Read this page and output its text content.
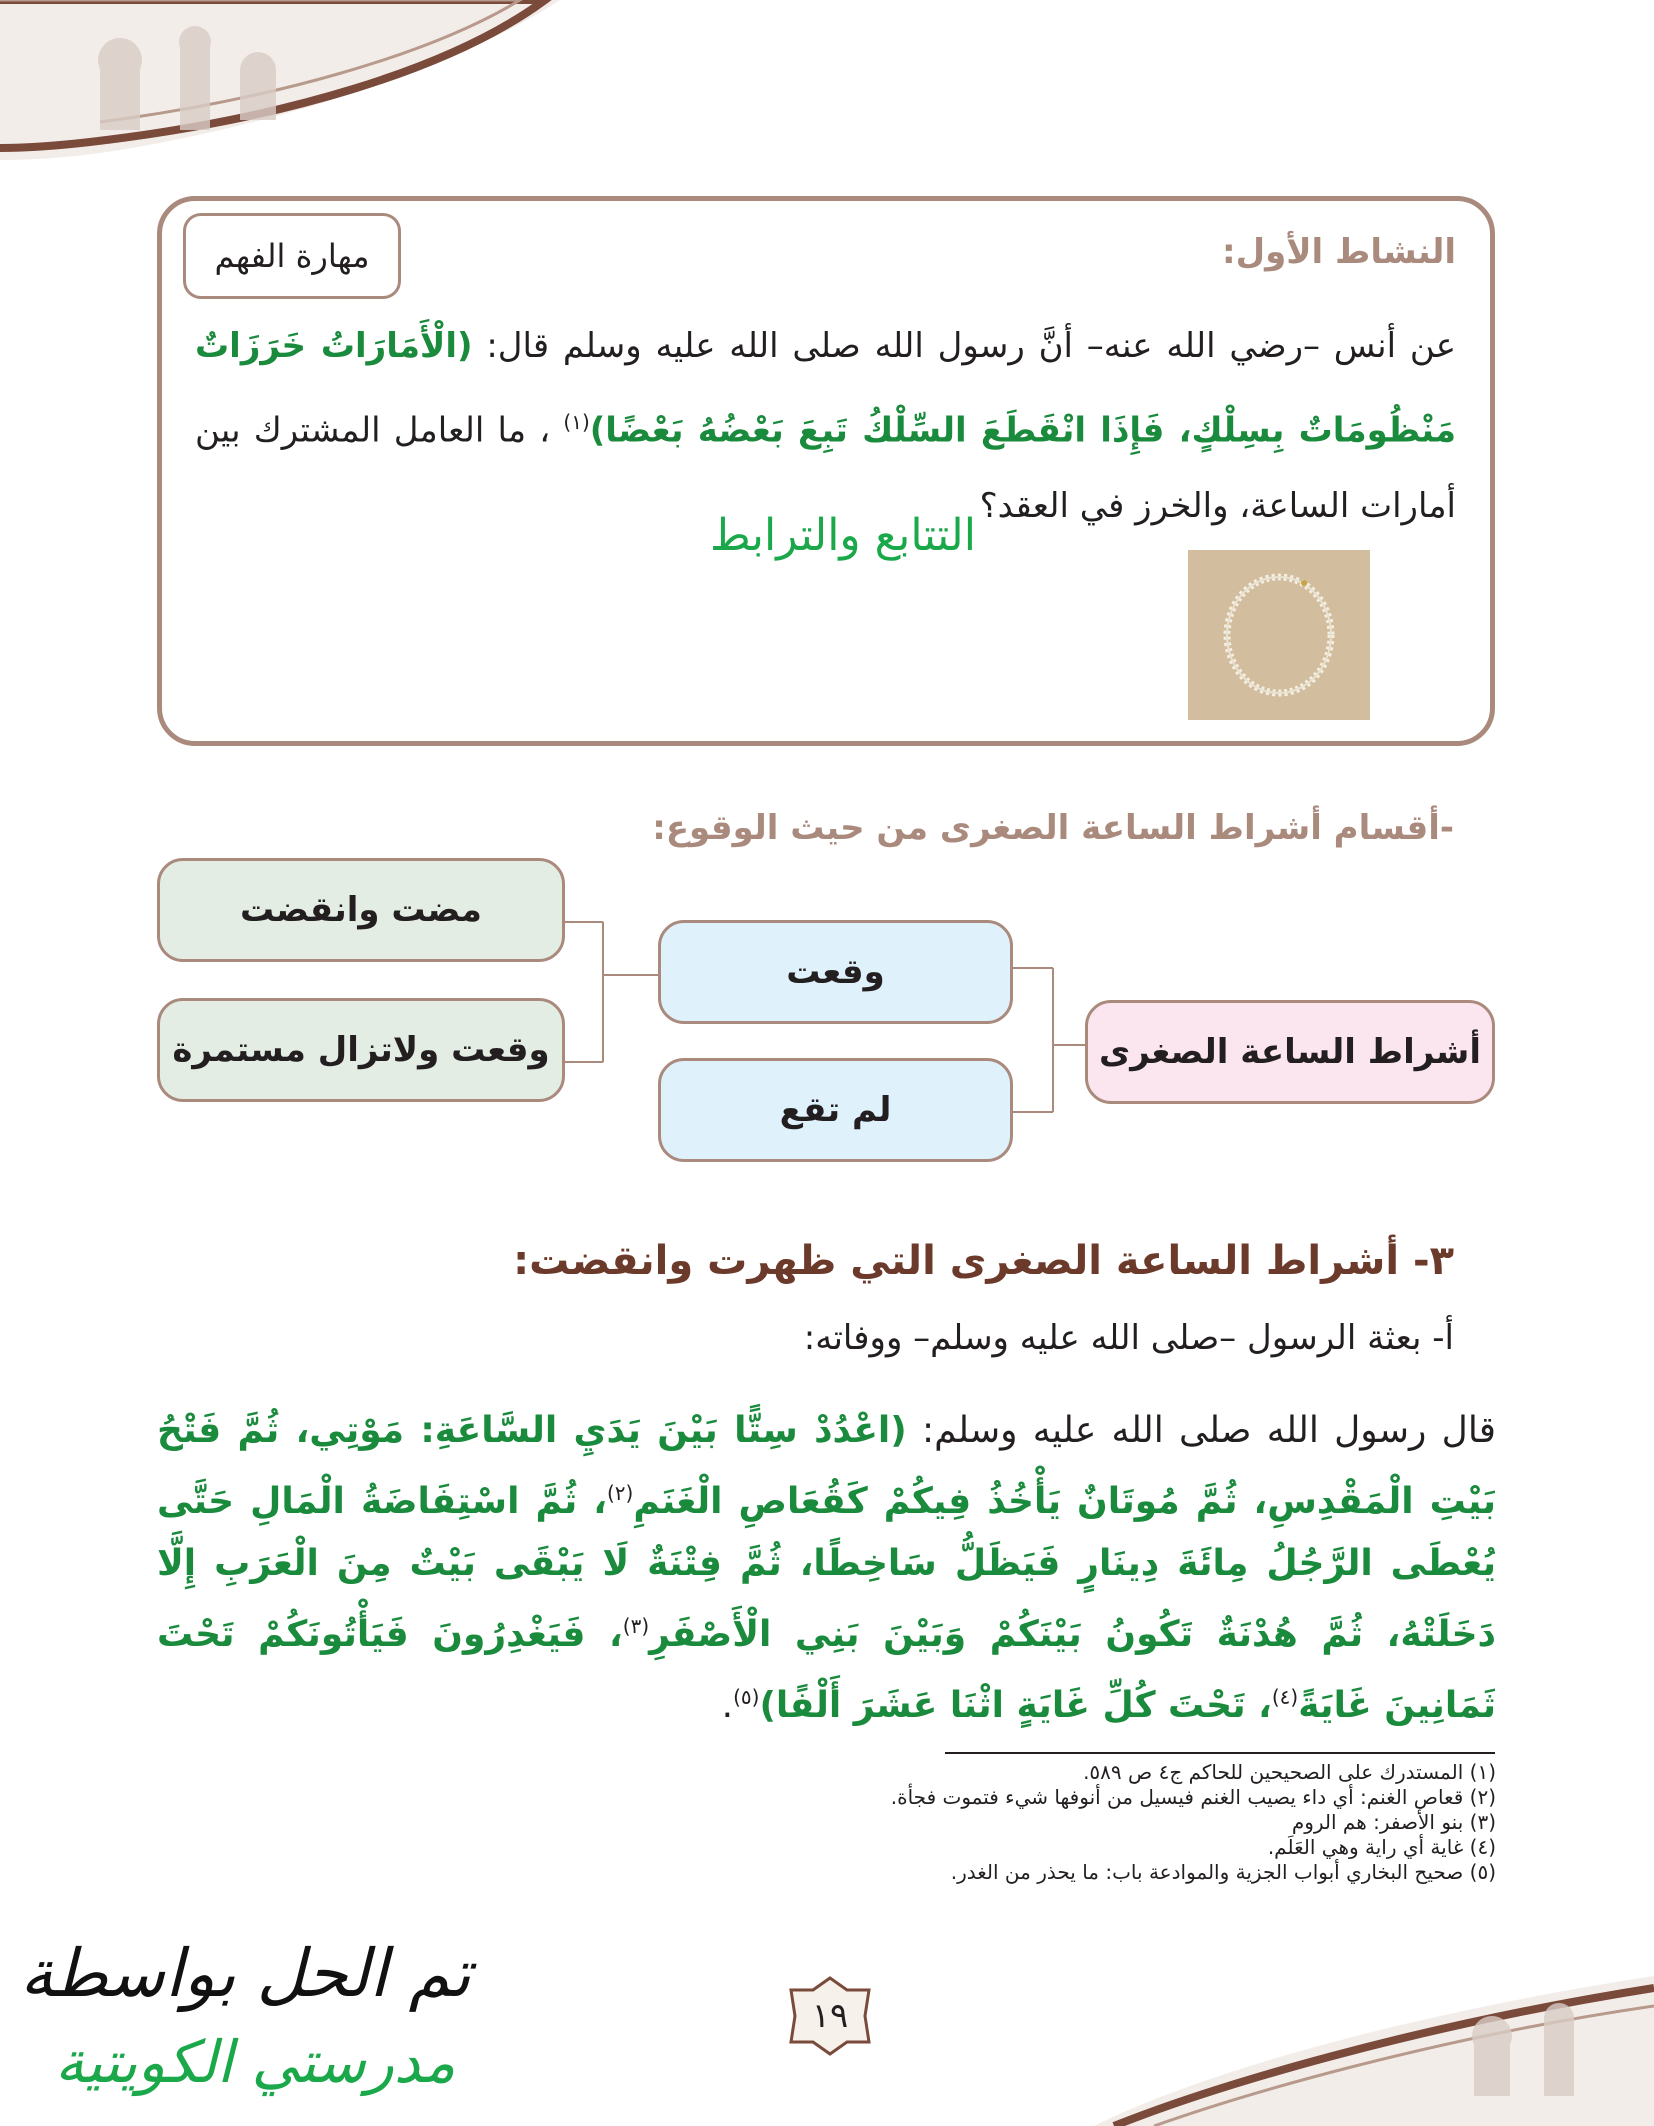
مهارة الفهم	النشاط الأول:
عن أنس –رضي الله عنه– أنَّ رسول الله صلى الله عليه وسلم قال: (الْأَمَارَاتُ خَرَزَاتٌ مَنْظُومَاتٌ بِسِلْكٍ، فَإِذَا انْقَطَعَ السِّلْكُ تَبِعَ بَعْضُهُ بَعْضًا)$^{(١)}$ ، ما العامل المشترك بين أمارات الساعة، والخرز في العقد؟
التتابع والترابط
-أقسام أشراط الساعة الصغرى من حيث الوقوع:
أشراط الساعة الصغرى
وقعت
لم تقع
مضت وانقضت
وقعت ولاتزال مستمرة
٣- أشراط الساعة الصغرى التي ظهرت وانقضت:
أ- بعثة الرسول –صلى الله عليه وسلم– ووفاته:
قال رسول الله صلى الله عليه وسلم: (اعْدُدْ سِتًّا بَيْنَ يَدَيِ السَّاعَةِ: مَوْتِي، ثُمَّ فَتْحُ بَيْتِ الْمَقْدِسِ، ثُمَّ مُوتَانٌ يَأْخُذُ فِيكُمْ كَقُعَاصِ الْغَنَمِ$^{(٢)}$، ثُمَّ اسْتِفَاضَةُ الْمَالِ حَتَّى يُعْطَى الرَّجُلُ مِائَةَ دِينَارٍ فَيَظَلُّ سَاخِطًا، ثُمَّ فِتْنَةٌ لَا يَبْقَى بَيْتٌ مِنَ الْعَرَبِ إِلَّا دَخَلَتْهُ، ثُمَّ هُدْنَةٌ تَكُونُ بَيْنَكُمْ وَبَيْنَ بَنِي الْأَصْفَرِ$^{(٣)}$، فَيَغْدِرُونَ فَيَأْتُونَكُمْ تَحْتَ ثَمَانِينَ غَايَةً$^{(٤)}$، تَحْتَ كُلِّ غَايَةٍ اثْنَا عَشَرَ أَلْفًا)$^{(٥)}$.
(١) المستدرك على الصحيحين للحاكم ج٤ ص ٥٨٩.
(٢) قعاص الغنم: أي داء يصيب الغنم فيسيل من أنوفها شيء فتموت فجأة.
(٣) بنو الأصفر: هم الروم
(٤) غاية أي راية وهي العَلَم.
(٥) صحيح البخاري أبواب الجزية والموادعة باب: ما يحذر من الغدر.
١٩
تم الحل بواسطة
مدرستي الكويتية
